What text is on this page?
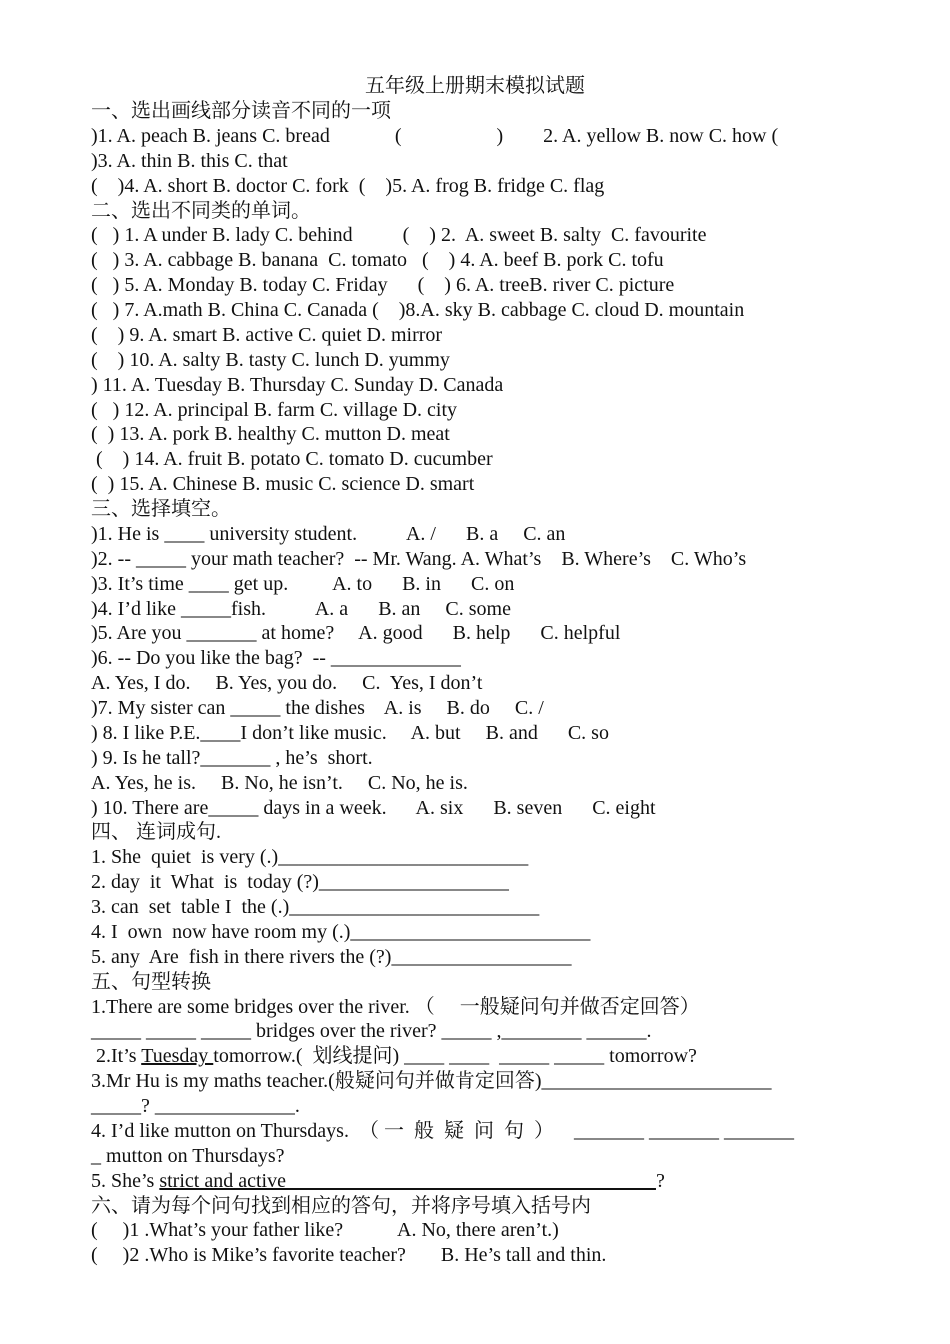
五年级上册期末模拟试题
一、选出画线部分读音不同的一项
)1. A. peach B. jeans C. bread             (                   )        2. A. yellow B. now C. how (
)3. A. thin B. this C. that
(    )4. A. short B. doctor C. fork  (    )5. A. frog B. fridge C. flag
二、选出不同类的单词。
(   ) 1. A under B. lady C. behind          (    ) 2.  A. sweet B. salty  C. favourite
(   ) 3. A. cabbage B. banana  C. tomato   (    ) 4. A. beef B. pork C. tofu
(   ) 5. A. Monday B. today C. Friday      (    ) 6. A. treeB. river C. picture
(   ) 7. A.math B. China C. Canada (    )8.A. sky B. cabbage C. cloud D. mountain
(    ) 9. A. smart B. active C. quiet D. mirror
(    ) 10. A. salty B. tasty C. lunch D. yummy
) 11. A. Tuesday B. Thursday C. Sunday D. Canada
(   ) 12. A. principal B. farm C. village D. city
(  ) 13. A. pork B. healthy C. mutton D. meat
(    ) 14. A. fruit B. potato C. tomato D. cucumber
(  ) 15. A. Chinese B. music C. science D. smart
三、选择填空。
)1. He is ____ university student.          A. /      B. a     C. an
)2. -- _____ your math teacher?  -- Mr. Wang. A. What’s    B. Where’s    C. Who’s
)3. It’s time ____ get up.         A. to      B. in      C. on
)4. I’d like _____fish.          A. a      B. an     C. some
)5. Are you _______ at home?     A. good      B. help      C. helpful
)6. -- Do you like the bag?  -- _____________
A. Yes, I do.     B. Yes, you do.     C.  Yes, I don’t
)7. My sister can _____ the dishes    A. is     B. do     C. /
) 8. I like P.E.____I don’t like music.     A. but     B. and      C. so
) 9. Is he tall?_______ , he’s  short.
A. Yes, he is.     B. No, he isn’t.     C. No, he is.
) 10. There are_____ days in a week.      A. six      B. seven      C. eight
四、 连词成句.
1. She  quiet  is very (.)_________________________
2. day  it  What  is  today (?)___________________
3. can  set  table I  the (.)_________________________
4. I  own  now have room my (.)________________________
5. any  Are  fish in there rivers the (?)__________________
五、句型转换
1.There are some bridges over the river. （     一般疑问句并做否定回答）
_____ _____ _____ bridges over the river? _____ ,________ ______.
2.It’s Tuesday tomorrow.(  划线提问) ____ ____  _____ _____ tomorrow?
3.Mr Hu is my maths teacher.(般疑问句并做肯定回答)_______________________
_____? ______________.
4. I’d like mutton on Thursdays.  （ 一  般  疑  问  句  ）    _______ _______ _______
_ mutton on Thursdays?
5. She’s strict and active                                                                          ?
六、请为每个问句找到相应的答句，并将序号填入括号内
(     )1 .What’s your father like?           A. No, there aren’t.)
(     )2 .Who is Mike’s favorite teacher?       B. He’s tall and thin.
